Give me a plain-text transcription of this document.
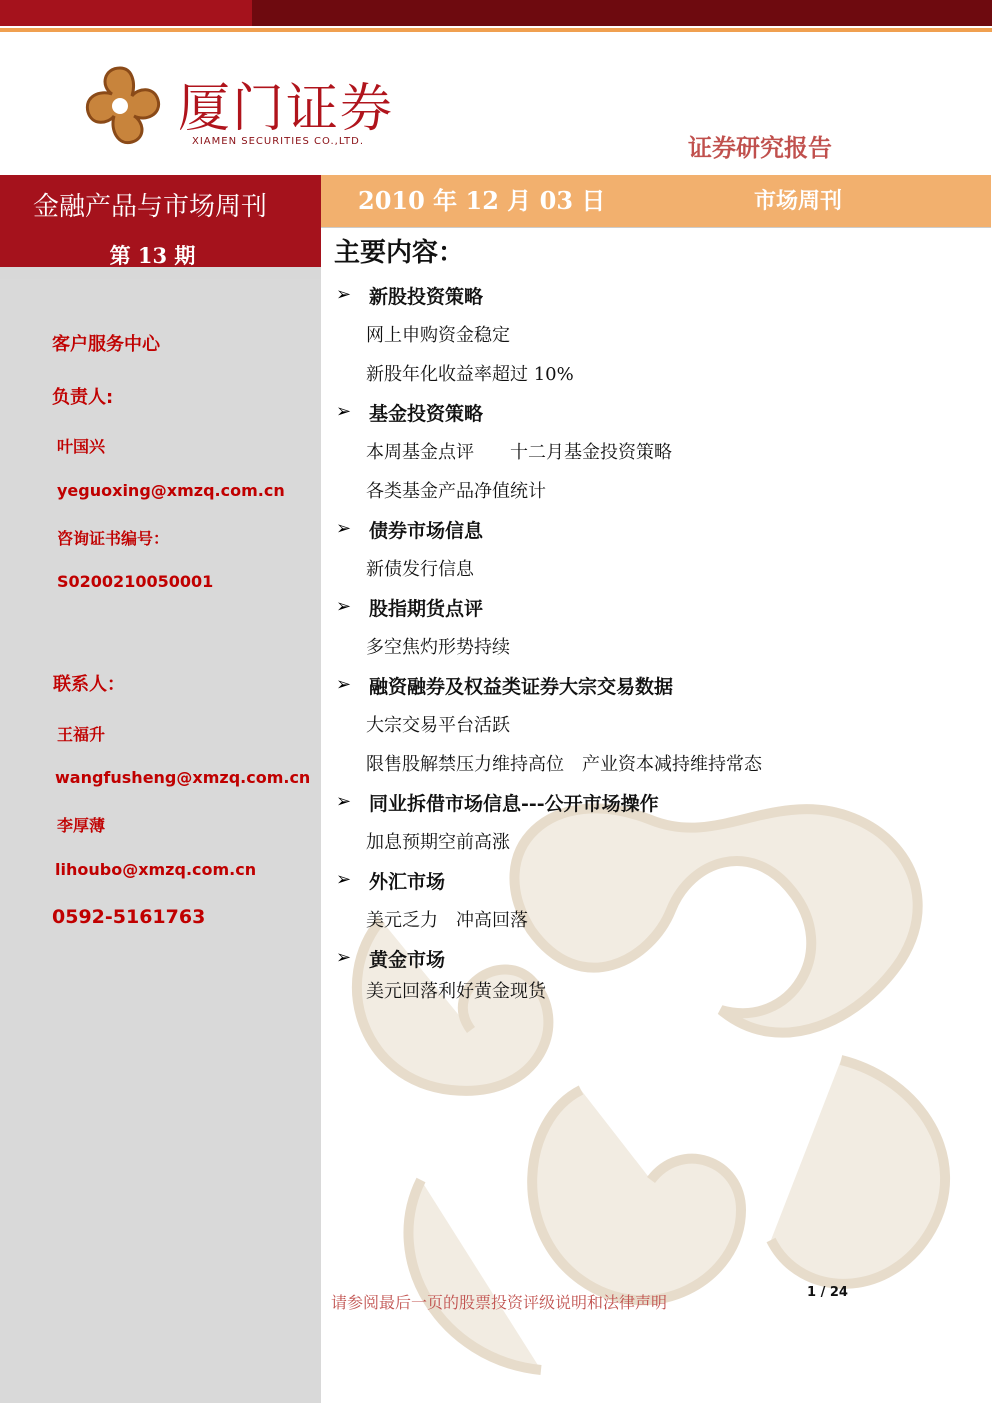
厦门证券
XIAMEN SECURITIES CO.,LTD.	证券研究报告
金融产品与市场周刊
第 13 期
客户服务中心
负责人:
叶国兴
yeguoxing@xmzq.com.cn
咨询证书编号：
S0200210050001
联系人：
王福升
wangfusheng@xmzq.com.cn
李厚薄
lihoubo@xmzq.com.cn
0592-5161763
2010 年 12 月 03 日	市场周刊
主要内容：
➢ 新股投资策略
网上申购资金稳定
新股年化收益率超过 10%
➢ 基金投资策略
本周基金点评　　十二月基金投资策略
各类基金产品净值统计
➢ 债券市场信息
新债发行信息
➢ 股指期货点评
多空焦灼形势持续
➢ 融资融券及权益类证券大宗交易数据
大宗交易平台活跃
限售股解禁压力维持高位　产业资本减持维持常态
➢ 同业拆借市场信息---公开市场操作
加息预期空前高涨
➢ 外汇市场
美元乏力　冲高回落
➢ 黄金市场
美元回落利好黄金现货
请参阅最后一页的股票投资评级说明和法律声明
1 / 24
